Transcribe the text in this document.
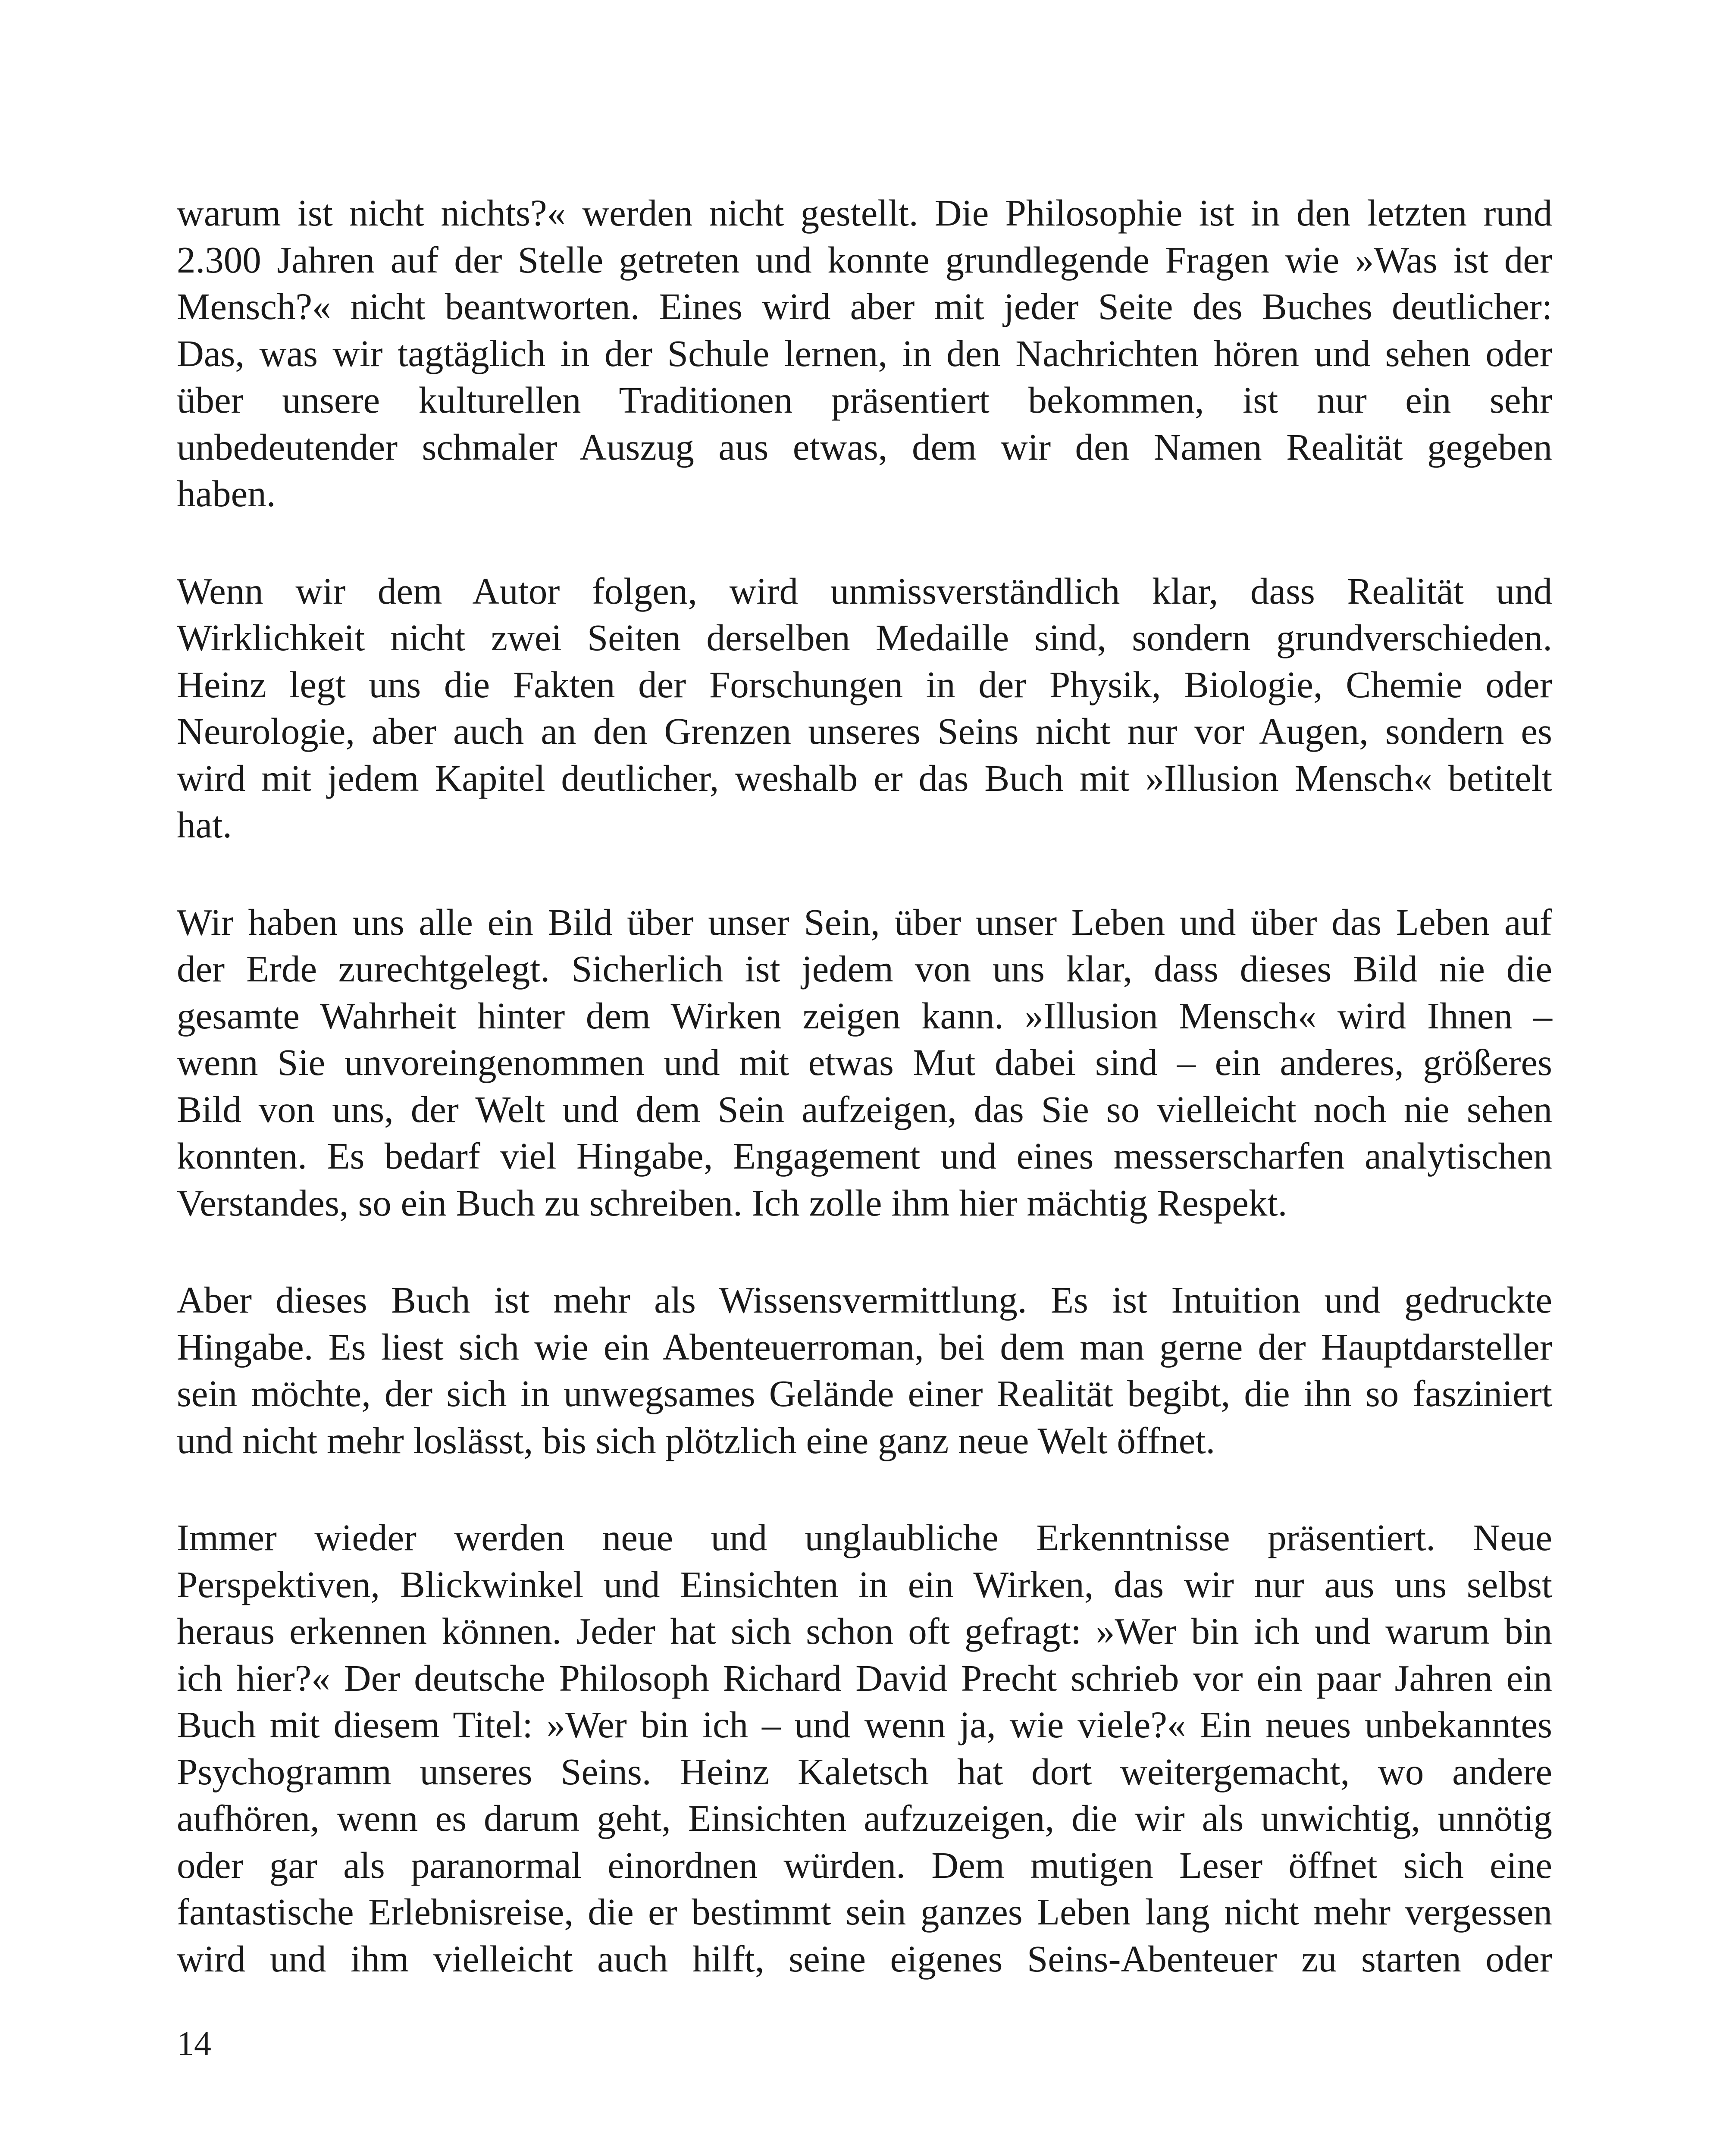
warum ist nicht nichts?« werden nicht gestellt. Die Philosophie ist in den letzten rund
2.300 Jahren auf der Stelle getreten und konnte grundlegende Fragen wie »Was ist der
Mensch?« nicht beantworten. Eines wird aber mit jeder Seite des Buches deutlicher:
Das, was wir tagtäglich in der Schule lernen, in den Nachrichten hören und sehen oder
über unsere kulturellen Traditionen präsentiert bekommen, ist nur ein sehr
unbedeutender schmaler Auszug aus etwas, dem wir den Namen Realität gegeben
haben.

Wenn wir dem Autor folgen, wird unmissverständlich klar, dass Realität und
Wirklichkeit nicht zwei Seiten derselben Medaille sind, sondern grundverschieden.
Heinz legt uns die Fakten der Forschungen in der Physik, Biologie, Chemie oder
Neurologie, aber auch an den Grenzen unseres Seins nicht nur vor Augen, sondern es
wird mit jedem Kapitel deutlicher, weshalb er das Buch mit »Illusion Mensch« betitelt
hat.

Wir haben uns alle ein Bild über unser Sein, über unser Leben und über das Leben auf
der Erde zurechtgelegt. Sicherlich ist jedem von uns klar, dass dieses Bild nie die
gesamte Wahrheit hinter dem Wirken zeigen kann. »Illusion Mensch« wird Ihnen –
wenn Sie unvoreingenommen und mit etwas Mut dabei sind – ein anderes, größeres
Bild von uns, der Welt und dem Sein aufzeigen, das Sie so vielleicht noch nie sehen
konnten. Es bedarf viel Hingabe, Engagement und eines messerscharfen analytischen
Verstandes, so ein Buch zu schreiben. Ich zolle ihm hier mächtig Respekt.

Aber dieses Buch ist mehr als Wissensvermittlung. Es ist Intuition und gedruckte
Hingabe. Es liest sich wie ein Abenteuerroman, bei dem man gerne der Hauptdarsteller
sein möchte, der sich in unwegsames Gelände einer Realität begibt, die ihn so fasziniert
und nicht mehr loslässt, bis sich plötzlich eine ganz neue Welt öffnet.

Immer wieder werden neue und unglaubliche Erkenntnisse präsentiert. Neue
Perspektiven, Blickwinkel und Einsichten in ein Wirken, das wir nur aus uns selbst
heraus erkennen können. Jeder hat sich schon oft gefragt: »Wer bin ich und warum bin
ich hier?« Der deutsche Philosoph Richard David Precht schrieb vor ein paar Jahren ein
Buch mit diesem Titel: »Wer bin ich – und wenn ja, wie viele?« Ein neues unbekanntes
Psychogramm unseres Seins. Heinz Kaletsch hat dort weitergemacht, wo andere
aufhören, wenn es darum geht, Einsichten aufzuzeigen, die wir als unwichtig, unnötig
oder gar als paranormal einordnen würden. Dem mutigen Leser öffnet sich eine
fantastische Erlebnisreise, die er bestimmt sein ganzes Leben lang nicht mehr vergessen
wird und ihm vielleicht auch hilft, seine eigenes Seins-Abenteuer zu starten oder

14
